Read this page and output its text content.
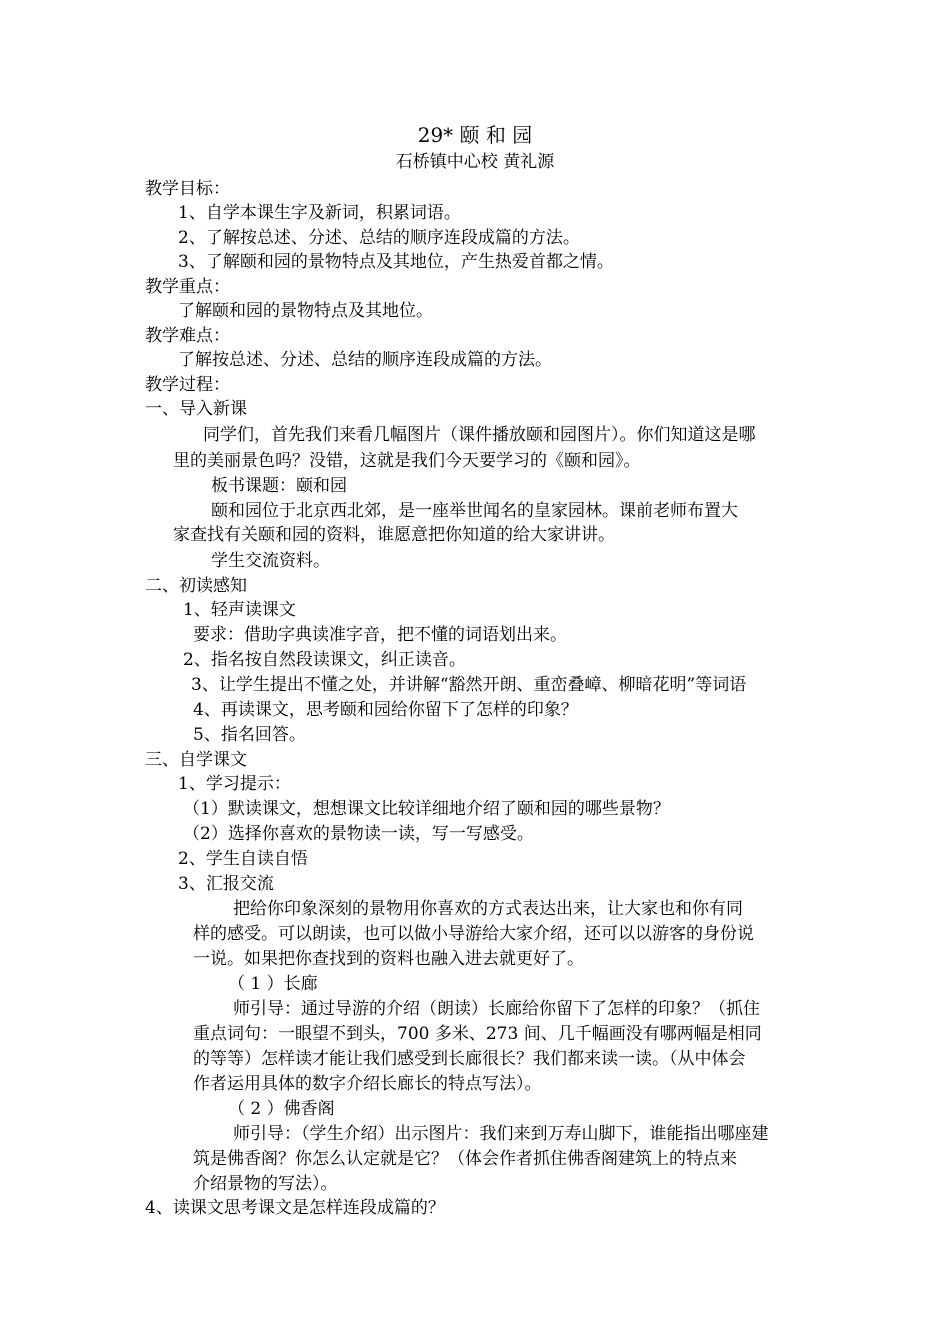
29* 颐 和 园
石桥镇中心校 黄礼源
教学目标：
1、自学本课生字及新词，积累词语。
2、了解按总述、分述、总结的顺序连段成篇的方法。
3、了解颐和园的景物特点及其地位，产生热爱首都之情。
教学重点：
了解颐和园的景物特点及其地位。
教学难点：
了解按总述、分述、总结的顺序连段成篇的方法。
教学过程：
一、导入新课
同学们，首先我们来看几幅图片（课件播放颐和园图片）。你们知道这是哪
里的美丽景色吗？没错，这就是我们今天要学习的《颐和园》。
板书课题：颐和园
颐和园位于北京西北郊，是一座举世闻名的皇家园林。课前老师布置大
家查找有关颐和园的资料，谁愿意把你知道的给大家讲讲。
学生交流资料。
二、初读感知
1、轻声读课文
要求：借助字典读准字音，把不懂的词语划出来。
2、指名按自然段读课文，纠正读音。
3、让学生提出不懂之处，并讲解“豁然开朗、重峦叠嶂、柳暗花明”等词语
4、再读课文，思考颐和园给你留下了怎样的印象？
5、指名回答。
三、自学课文
1、学习提示：
（1）默读课文，想想课文比较详细地介绍了颐和园的哪些景物？
（2）选择你喜欢的景物读一读，写一写感受。
2、学生自读自悟
3、汇报交流
把给你印象深刻的景物用你喜欢的方式表达出来，让大家也和你有同
样的感受。可以朗读，也可以做小导游给大家介绍，还可以以游客的身份说
一说。如果把你查找到的资料也融入进去就更好了。
（ 1 ）长廊
师引导：通过导游的介绍（朗读）长廊给你留下了怎样的印象？（抓住
重点词句：一眼望不到头，700 多米、273 间、几千幅画没有哪两幅是相同
的等等）怎样读才能让我们感受到长廊很长？我们都来读一读。（从中体会
作者运用具体的数字介绍长廊长的特点写法）。
（ 2 ）佛香阁
师引导：（学生介绍）出示图片：我们来到万寿山脚下，谁能指出哪座建
筑是佛香阁？你怎么认定就是它？（体会作者抓住佛香阁建筑上的特点来
介绍景物的写法）。
4、读课文思考课文是怎样连段成篇的？
